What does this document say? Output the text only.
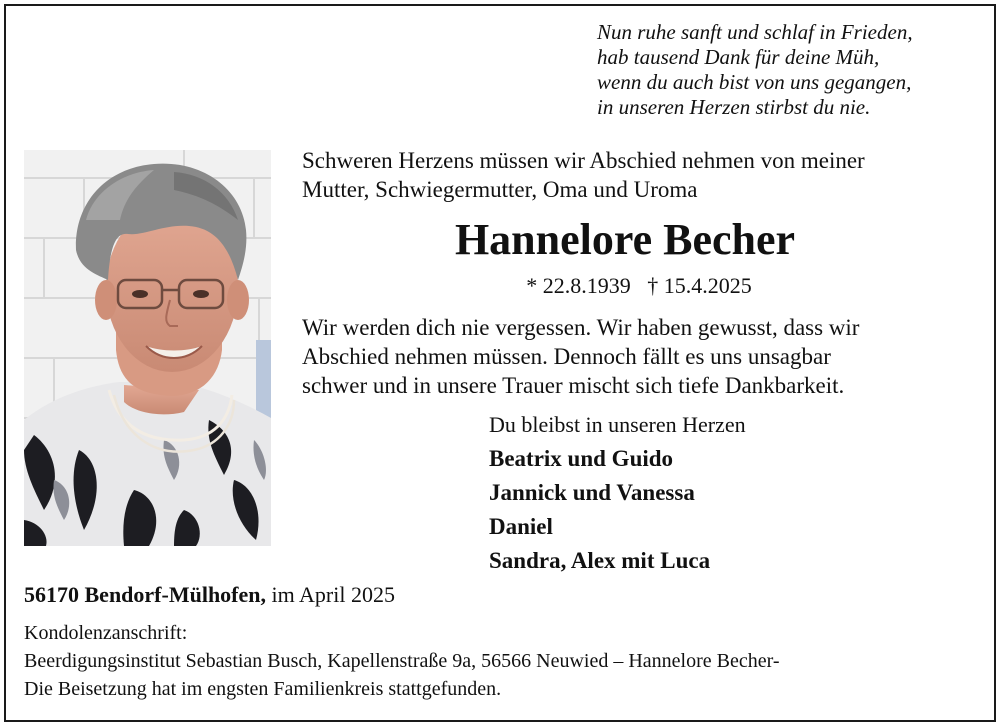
Nun ruhe sanft und schlaf in Frieden,
hab tausend Dank für deine Müh,
wenn du auch bist von uns gegangen,
in unseren Herzen stirbst du nie.
Schweren Herzens müssen wir Abschied nehmen von meiner
Mutter, Schwiegermutter, Oma und Uroma
Hannelore Becher
* 22.8.1939 † 15.4.2025
Wir werden dich nie vergessen. Wir haben gewusst, dass wir
Abschied nehmen müssen. Dennoch fällt es uns unsagbar
schwer und in unsere Trauer mischt sich tiefe Dankbarkeit.
Du bleibst in unseren Herzen
Beatrix und Guido
Jannick und Vanessa
Daniel
Sandra, Alex mit Luca
56170 Bendorf-Mülhofen, im April 2025
Kondolenzanschrift:
Beerdigungsinstitut Sebastian Busch, Kapellenstraße 9a, 56566 Neuwied – Hannelore Becher-
Die Beisetzung hat im engsten Familienkreis stattgefunden.
